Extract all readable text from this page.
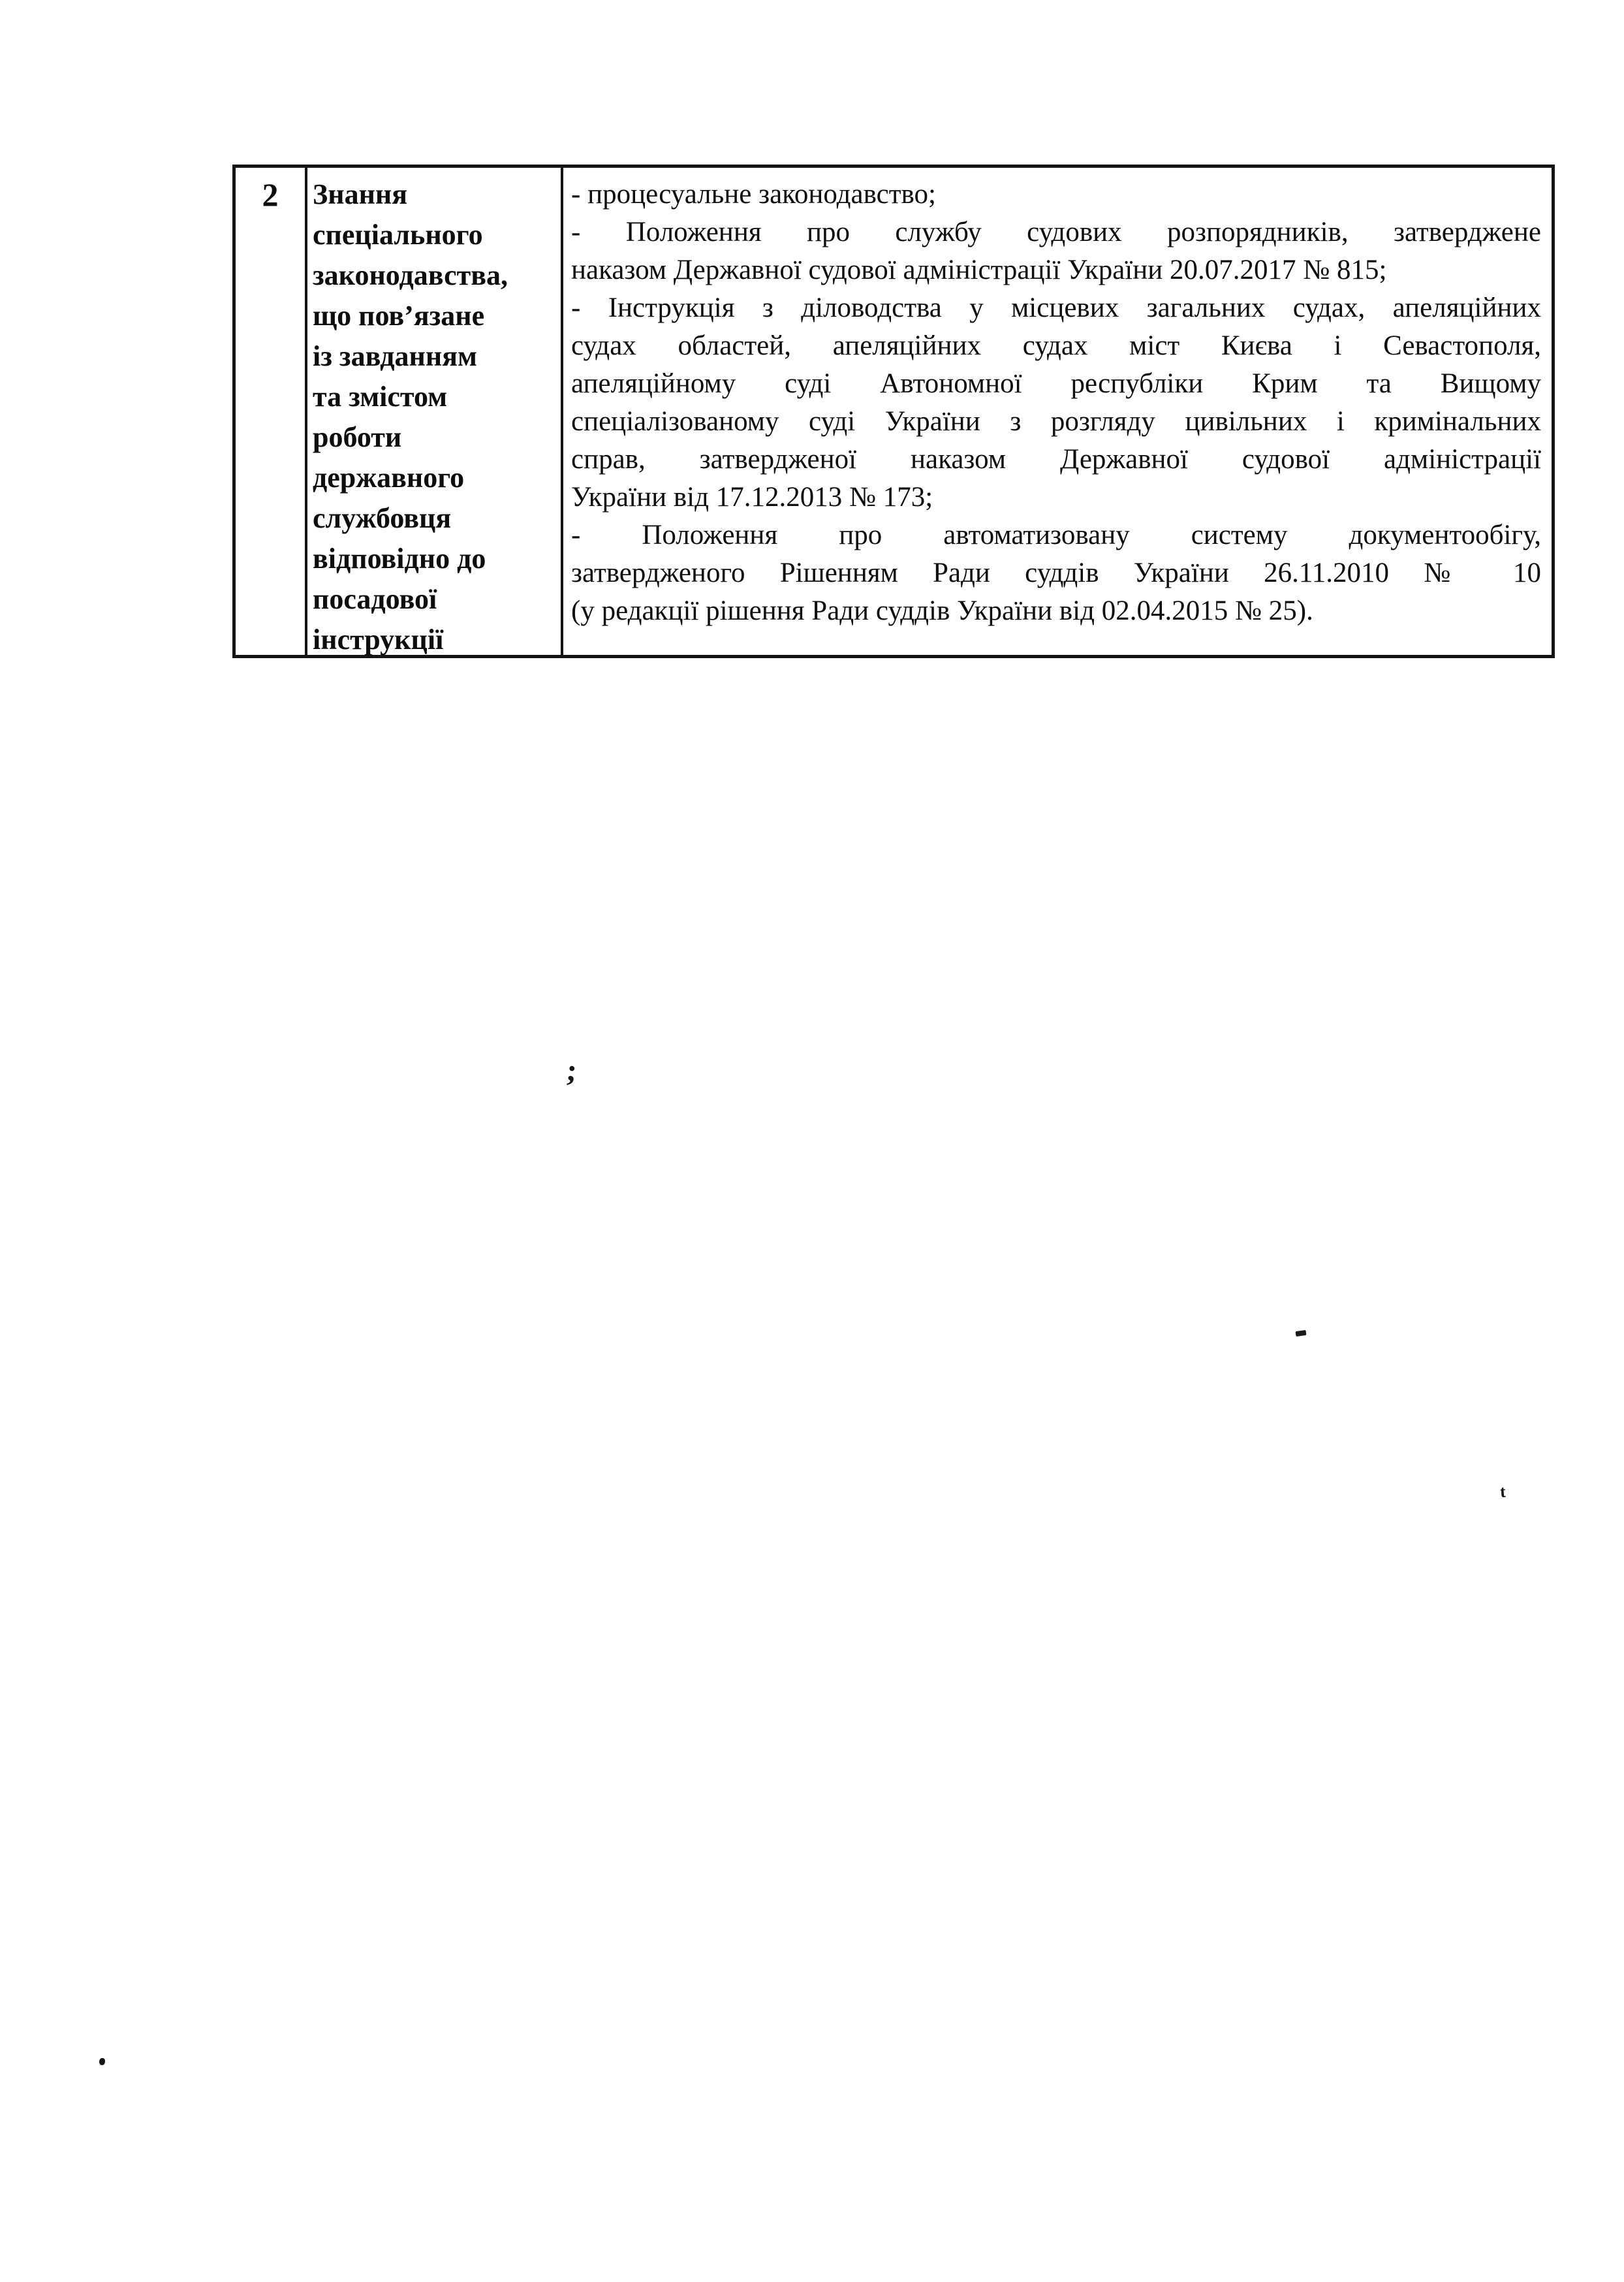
2	Знання
спеціального
законодавства,
що пов’язане
із завданням
та змістом
роботи
державного
службовця
відповідно до
посадової
інструкції
- процесуальне законодавство;
- Положення про службу судових розпорядників, затверджене
наказом Державної судової адміністрації України 20.07.2017 № 815;
- Інструкція з діловодства у місцевих загальних судах, апеляційних
судах областей, апеляційних судах міст Києва і Севастополя,
апеляційному суді Автономної республіки Крим та Вищому
спеціалізованому суді України з розгляду цивільних і кримінальних
справ, затвердженої наказом Державної судової адміністрації
України від 17.12.2013 № 173;
- Положення про автоматизовану систему документообігу,
затвердженого Рішенням Ради суддів України 26.11.2010 № 10
(у редакції рішення Ради суддів України від 02.04.2015 № 25).
;
t
